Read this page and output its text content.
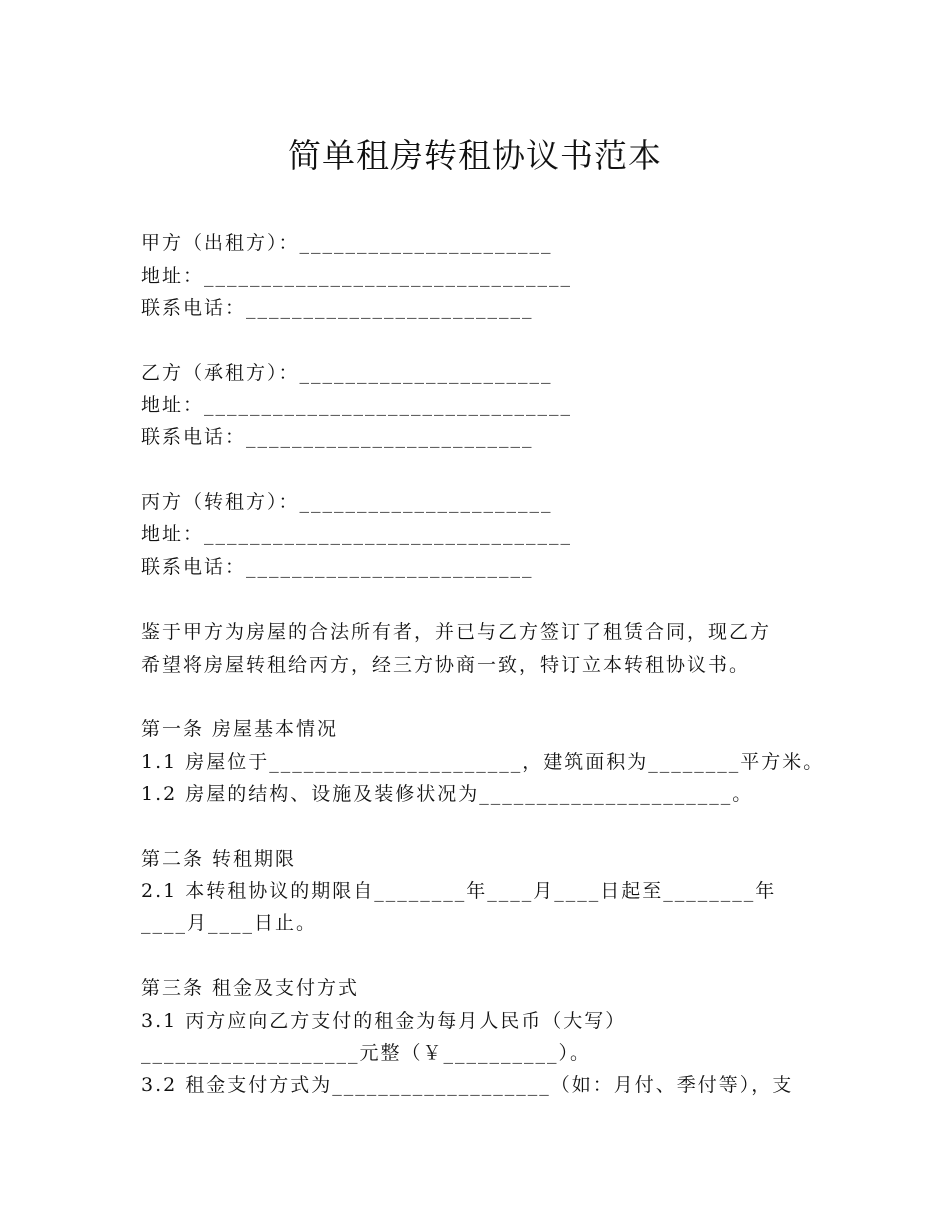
简单租房转租协议书范本
甲方（出租方）：______________________
地址：________________________________
联系电话：_________________________
乙方（承租方）：______________________
地址：________________________________
联系电话：_________________________
丙方（转租方）：______________________
地址：________________________________
联系电话：_________________________
鉴于甲方为房屋的合法所有者，并已与乙方签订了租赁合同，现乙方
希望将房屋转租给丙方，经三方协商一致，特订立本转租协议书。
第一条 房屋基本情况
1.1 房屋位于______________________，建筑面积为________平方米。
1.2 房屋的结构、设施及装修状况为______________________。
第二条 转租期限
2.1 本转租协议的期限自________年____月____日起至________年
____月____日止。
第三条 租金及支付方式
3.1 丙方应向乙方支付的租金为每月人民币（大写）
___________________元整（￥__________）。
3.2 租金支付方式为___________________（如：月付、季付等），支
